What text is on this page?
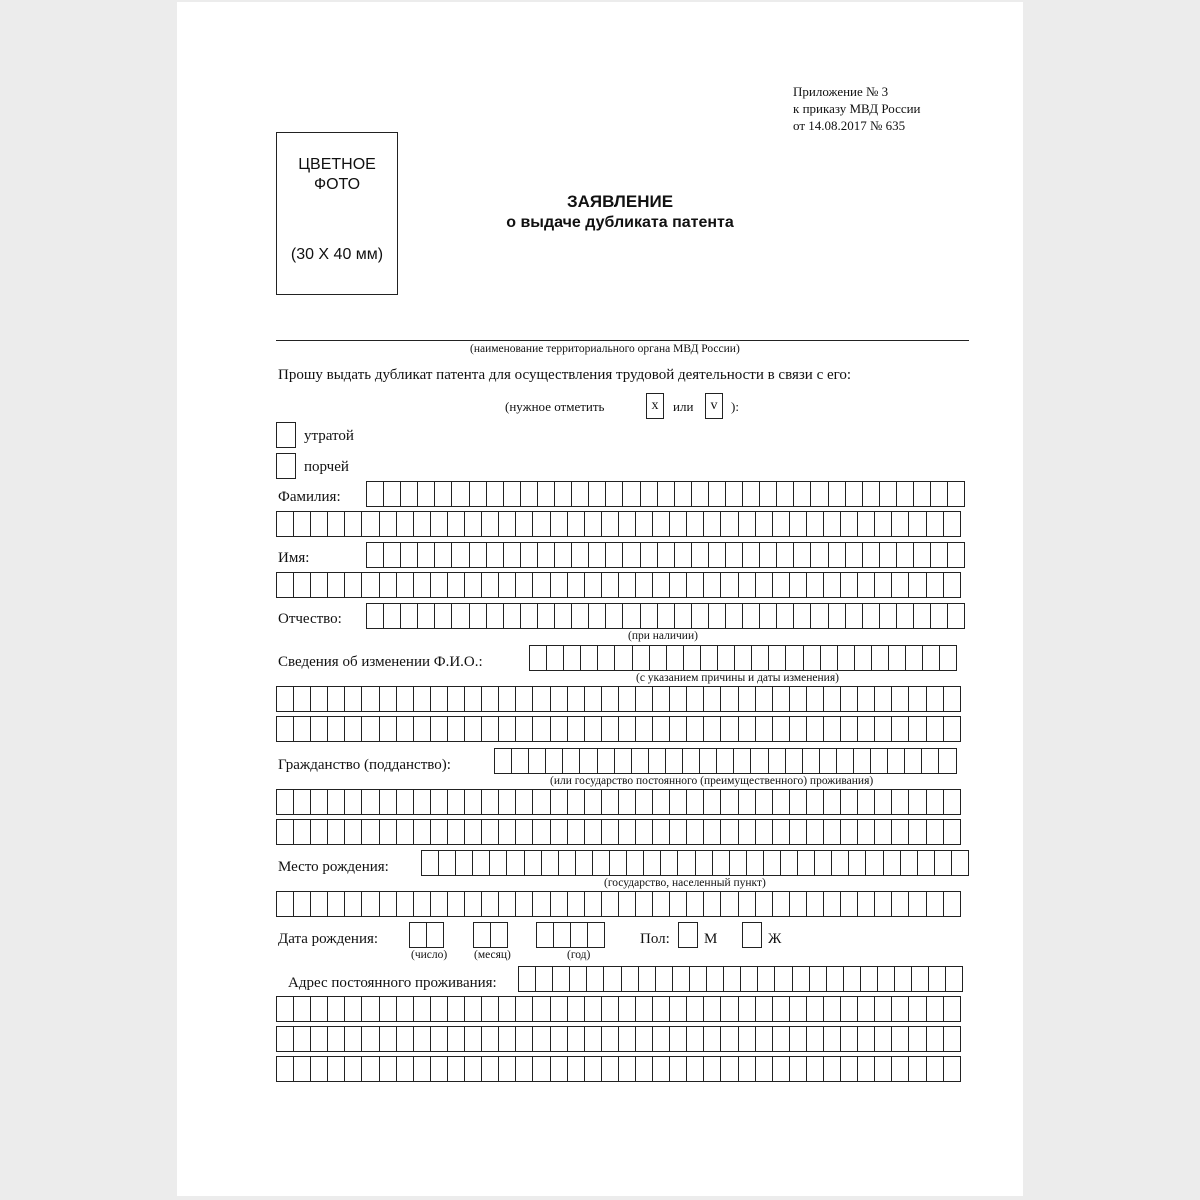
Приложение № 3
к приказу МВД России
от 14.08.2017 № 635
ЦВЕТНОЕ
ФОТО
(30 Х 40 мм)
ЗАЯВЛЕНИЕ
о выдаче дубликата патента
(наименование территориального органа МВД России)
Прошу выдать дубликат патента для осуществления трудовой деятельности в связи с его:
(нужное отметить	x	или	v	):
утратой
порчей
Фамилия:
Имя:
Отчество:
(при наличии)
Сведения об изменении Ф.И.О.:
(с указанием причины и даты изменения)
Гражданство (подданство):
(или государство постоянного (преимущественного) проживания)
Место рождения:
(государство, населенный пункт)
Дата рождения:
(число) (месяц)	(год)
Пол: М	Ж
Адрес постоянного проживания:
